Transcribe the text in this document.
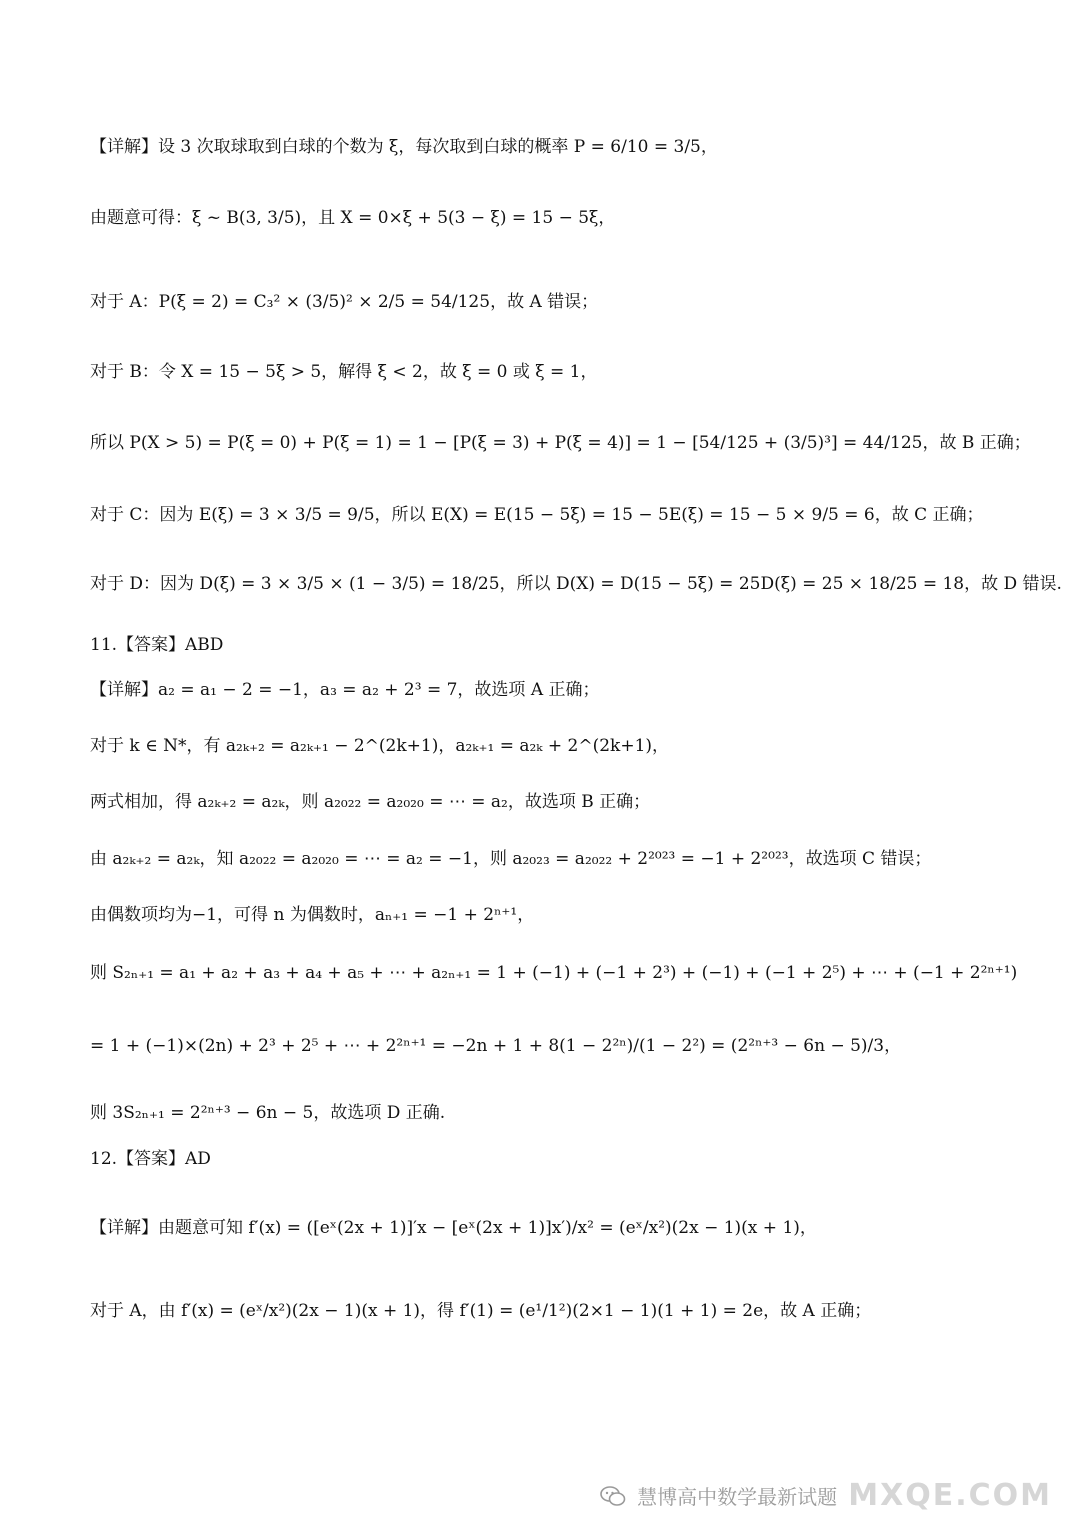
【详解】设 3 次取球取到白球的个数为 ξ，每次取到白球的概率 P = 6/10 = 3/5，
由题意可得：ξ ~ B(3, 3/5)，且 X = 0×ξ + 5(3 − ξ) = 15 − 5ξ，
对于 A：P(ξ = 2) = C₃² × (3/5)² × 2/5 = 54/125，故 A 错误；
对于 B：令 X = 15 − 5ξ > 5，解得 ξ < 2，故 ξ = 0 或 ξ = 1，
所以 P(X > 5) = P(ξ = 0) + P(ξ = 1) = 1 − [P(ξ = 3) + P(ξ = 4)] = 1 − [54/125 + (3/5)³] = 44/125，故 B 正确；
对于 C：因为 E(ξ) = 3 × 3/5 = 9/5，所以 E(X) = E(15 − 5ξ) = 15 − 5E(ξ) = 15 − 5 × 9/5 = 6，故 C 正确；
对于 D：因为 D(ξ) = 3 × 3/5 × (1 − 3/5) = 18/25，所以 D(X) = D(15 − 5ξ) = 25D(ξ) = 25 × 18/25 = 18，故 D 错误.
11.【答案】ABD
【详解】a₂ = a₁ − 2 = −1，a₃ = a₂ + 2³ = 7，故选项 A 正确；
对于 k ∈ N*，有 a₂ₖ₊₂ = a₂ₖ₊₁ − 2^(2k+1)，a₂ₖ₊₁ = a₂ₖ + 2^(2k+1)，
两式相加，得 a₂ₖ₊₂ = a₂ₖ，则 a₂₀₂₂ = a₂₀₂₀ = ⋯ = a₂，故选项 B 正确；
由 a₂ₖ₊₂ = a₂ₖ，知 a₂₀₂₂ = a₂₀₂₀ = ⋯ = a₂ = −1，则 a₂₀₂₃ = a₂₀₂₂ + 2²⁰²³ = −1 + 2²⁰²³，故选项 C 错误；
由偶数项均为−1，可得 n 为偶数时，aₙ₊₁ = −1 + 2ⁿ⁺¹，
则 S₂ₙ₊₁ = a₁ + a₂ + a₃ + a₄ + a₅ + ⋯ + a₂ₙ₊₁ = 1 + (−1) + (−1 + 2³) + (−1) + (−1 + 2⁵) + ⋯ + (−1 + 2²ⁿ⁺¹)
= 1 + (−1)×(2n) + 2³ + 2⁵ + ⋯ + 2²ⁿ⁺¹ = −2n + 1 + 8(1 − 2²ⁿ)/(1 − 2²) = (2²ⁿ⁺³ − 6n − 5)/3，
则 3S₂ₙ₊₁ = 2²ⁿ⁺³ − 6n − 5，故选项 D 正确.
12.【答案】AD
【详解】由题意可知 f′(x) = ([eˣ(2x + 1)]′x − [eˣ(2x + 1)]x′)/x² = (eˣ/x²)(2x − 1)(x + 1)，
对于 A，由 f′(x) = (eˣ/x²)(2x − 1)(x + 1)，得 f′(1) = (e¹/1²)(2×1 − 1)(1 + 1) = 2e，故 A 正确；
慧博高中数学最新试题 MXQE.COM
